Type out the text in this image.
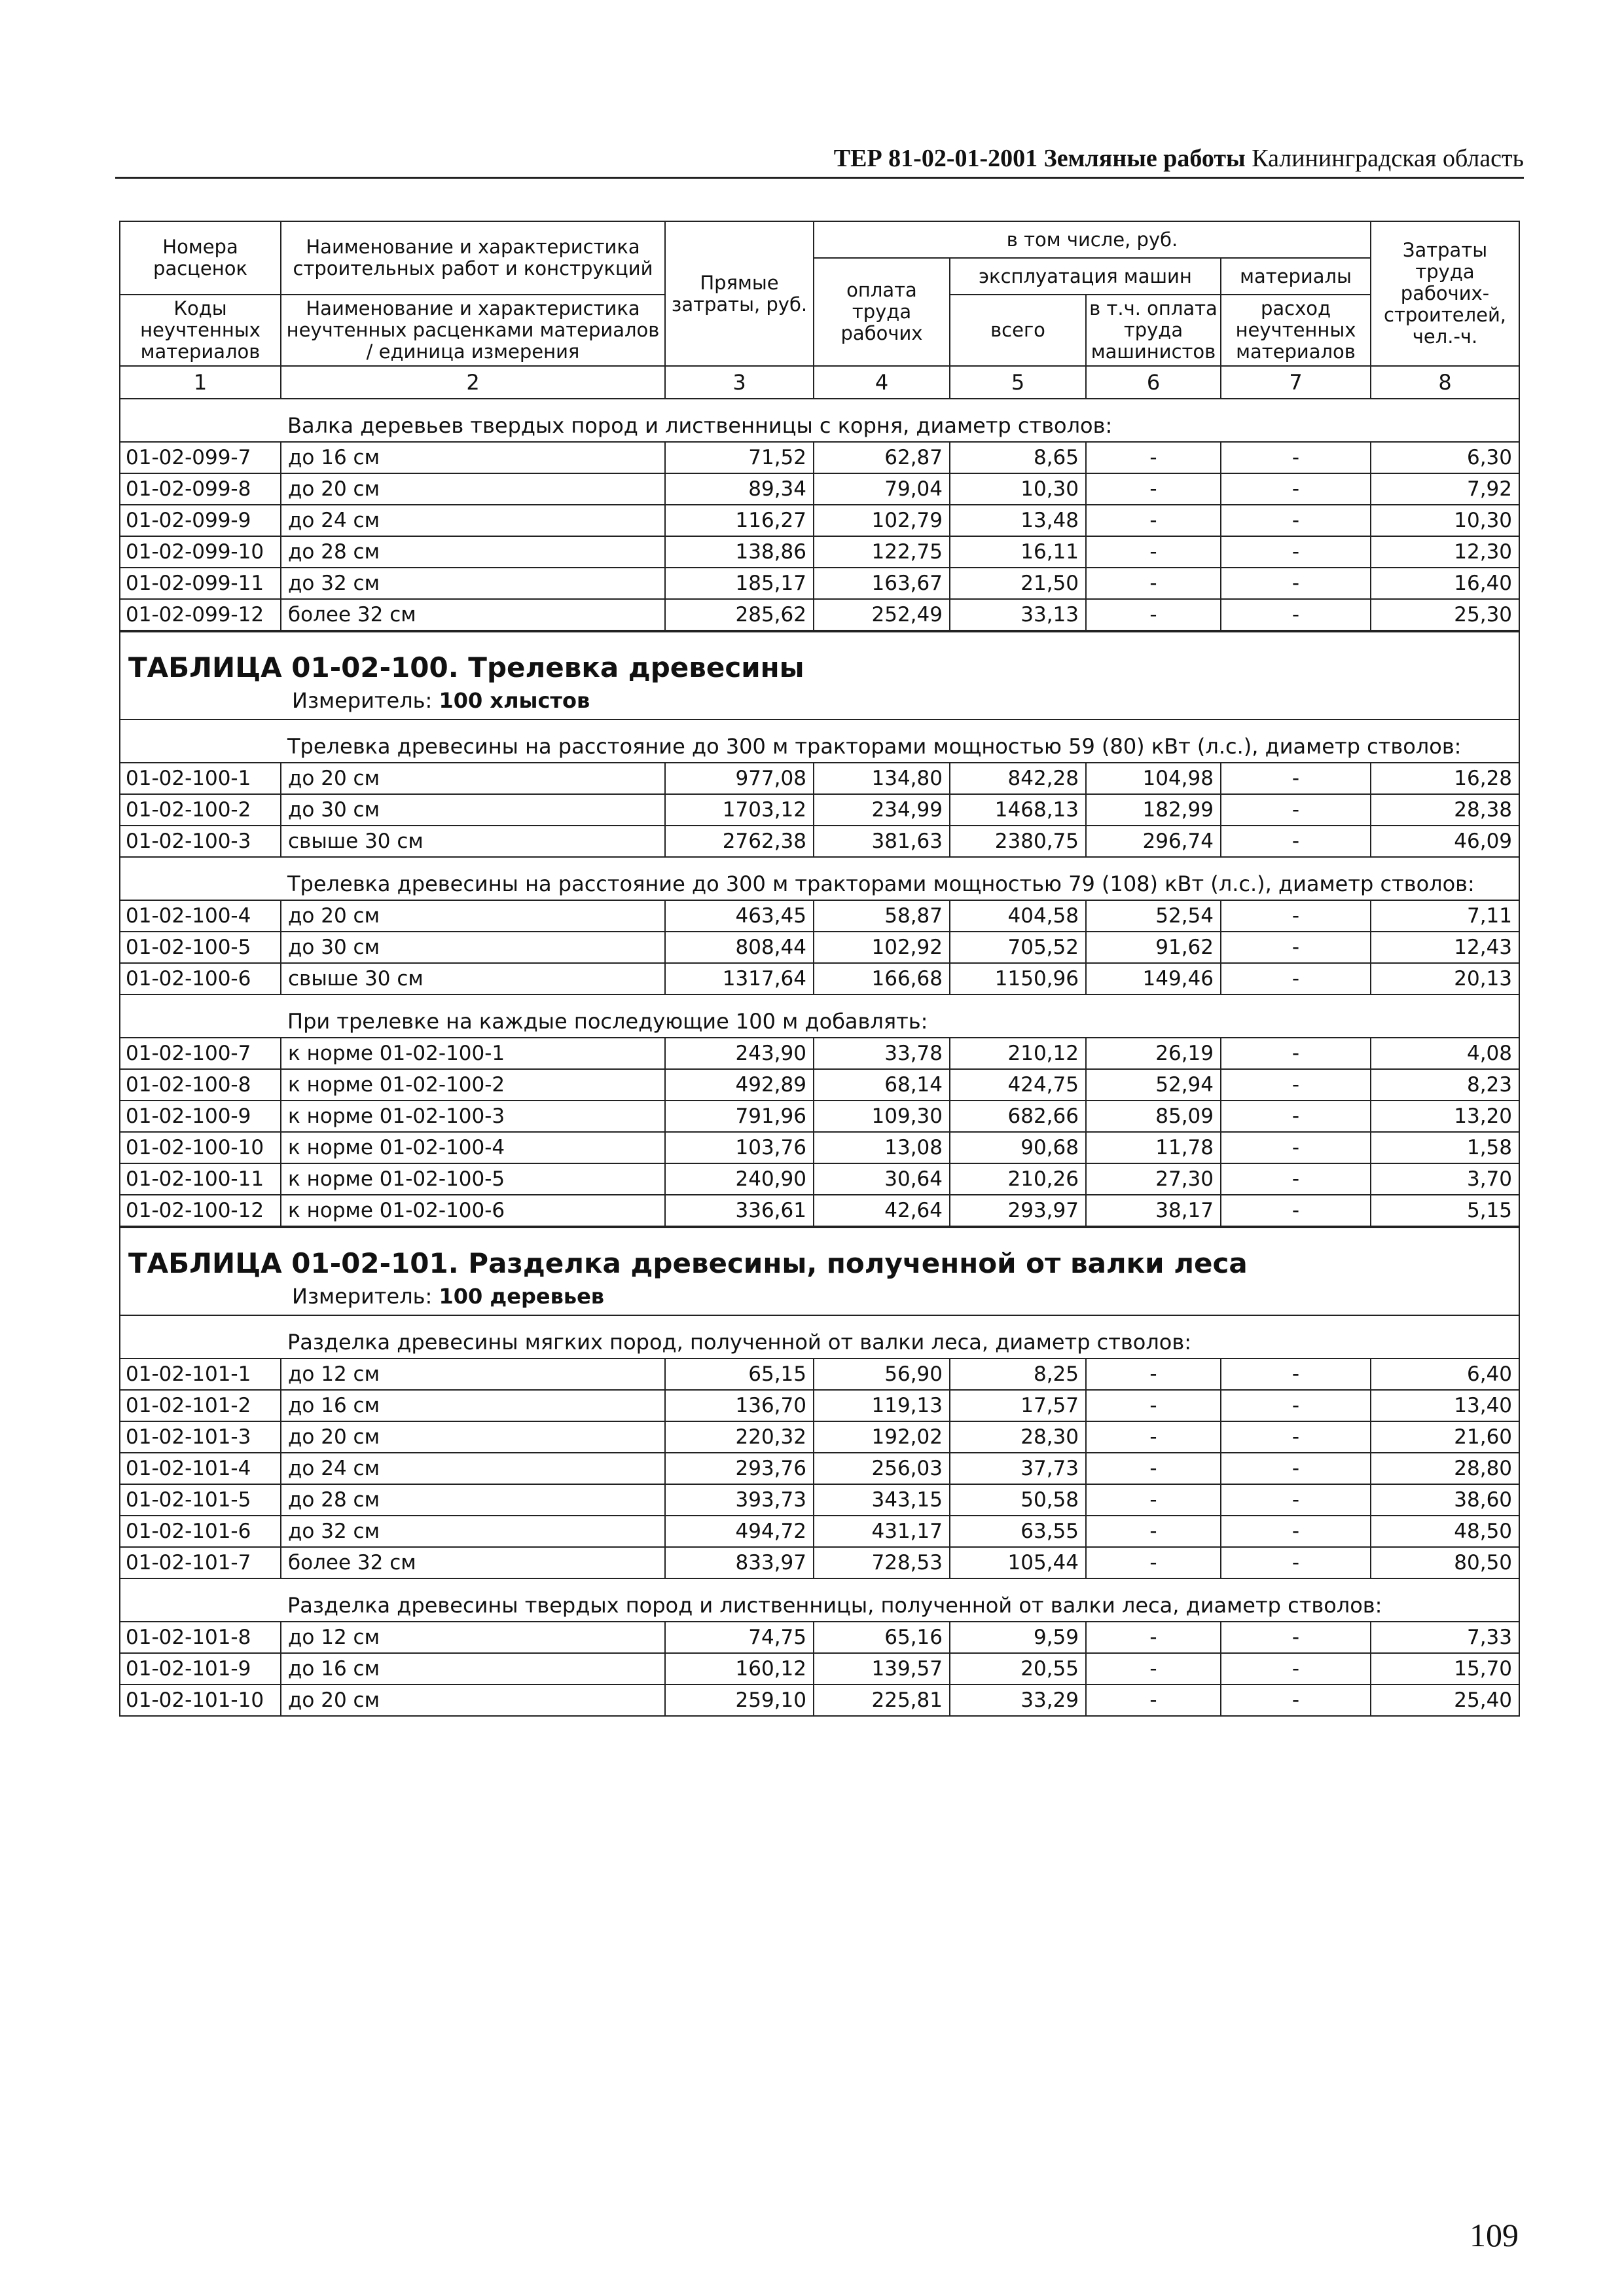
ТЕР 81-02-01-2001 Земляные работы Калининградская область
Номера расценок	Наименование и характеристика строительных работ и конструкций	Прямые затраты, руб.	в том числе, руб.				Затраты труда рабочих-строителей, чел.-ч.
			оплата труда рабочих	эксплуатация машин		материалы	
Коды неучтенных материалов	Наименование и характеристика неучтенных расценками материалов / единица измерения			всего	в т.ч. оплата труда машинистов	расход неучтенных материалов	

1	2	3	4	5	6	7	8
	Валка деревьев твердых пород и лиственницы с корня, диаметр стволов:						
01-02-099-7	до 16 см	71,52	62,87	8,65	-	-	6,30
01-02-099-8	до 20 см	89,34	79,04	10,30	-	-	7,92
01-02-099-9	до 24 см	116,27	102,79	13,48	-	-	10,30
01-02-099-10	до 28 см	138,86	122,75	16,11	-	-	12,30
01-02-099-11	до 32 см	185,17	163,67	21,50	-	-	16,40
01-02-099-12	более 32 см	285,62	252,49	33,13	-	-	25,30

ТАБЛИЦА 01-02-100. Трелевка древесины
Измеритель: 100 хлыстов							

	Трелевка древесины на расстояние до 300 м тракторами мощностью 59 (80) кВт (л.с.), диаметр стволов:						
01-02-100-1	до 20 см	977,08	134,80	842,28	104,98	-	16,28
01-02-100-2	до 30 см	1703,12	234,99	1468,13	182,99	-	28,38
01-02-100-3	свыше 30 см	2762,38	381,63	2380,75	296,74	-	46,09
	Трелевка древесины на расстояние до 300 м тракторами мощностью 79 (108) кВт (л.с.), диаметр стволов:						
01-02-100-4	до 20 см	463,45	58,87	404,58	52,54	-	7,11
01-02-100-5	до 30 см	808,44	102,92	705,52	91,62	-	12,43
01-02-100-6	свыше 30 см	1317,64	166,68	1150,96	149,46	-	20,13
	При трелевке на каждые последующие 100 м добавлять:						
01-02-100-7	к норме 01-02-100-1	243,90	33,78	210,12	26,19	-	4,08
01-02-100-8	к норме 01-02-100-2	492,89	68,14	424,75	52,94	-	8,23
01-02-100-9	к норме 01-02-100-3	791,96	109,30	682,66	85,09	-	13,20
01-02-100-10	к норме 01-02-100-4	103,76	13,08	90,68	11,78	-	1,58
01-02-100-11	к норме 01-02-100-5	240,90	30,64	210,26	27,30	-	3,70
01-02-100-12	к норме 01-02-100-6	336,61	42,64	293,97	38,17	-	5,15

ТАБЛИЦА 01-02-101. Разделка древесины, полученной от валки леса
Измеритель: 100 деревьев							

	Разделка древесины мягких пород, полученной от валки леса, диаметр стволов:						
01-02-101-1	до 12 см	65,15	56,90	8,25	-	-	6,40
01-02-101-2	до 16 см	136,70	119,13	17,57	-	-	13,40
01-02-101-3	до 20 см	220,32	192,02	28,30	-	-	21,60
01-02-101-4	до 24 см	293,76	256,03	37,73	-	-	28,80
01-02-101-5	до 28 см	393,73	343,15	50,58	-	-	38,60
01-02-101-6	до 32 см	494,72	431,17	63,55	-	-	48,50
01-02-101-7	более 32 см	833,97	728,53	105,44	-	-	80,50
	Разделка древесины твердых пород и лиственницы, полученной от валки леса, диаметр стволов:						
01-02-101-8	до 12 см	74,75	65,16	9,59	-	-	7,33
01-02-101-9	до 16 см	160,12	139,57	20,55	-	-	15,70
01-02-101-10	до 20 см	259,10	225,81	33,29	-	-	25,40
109
